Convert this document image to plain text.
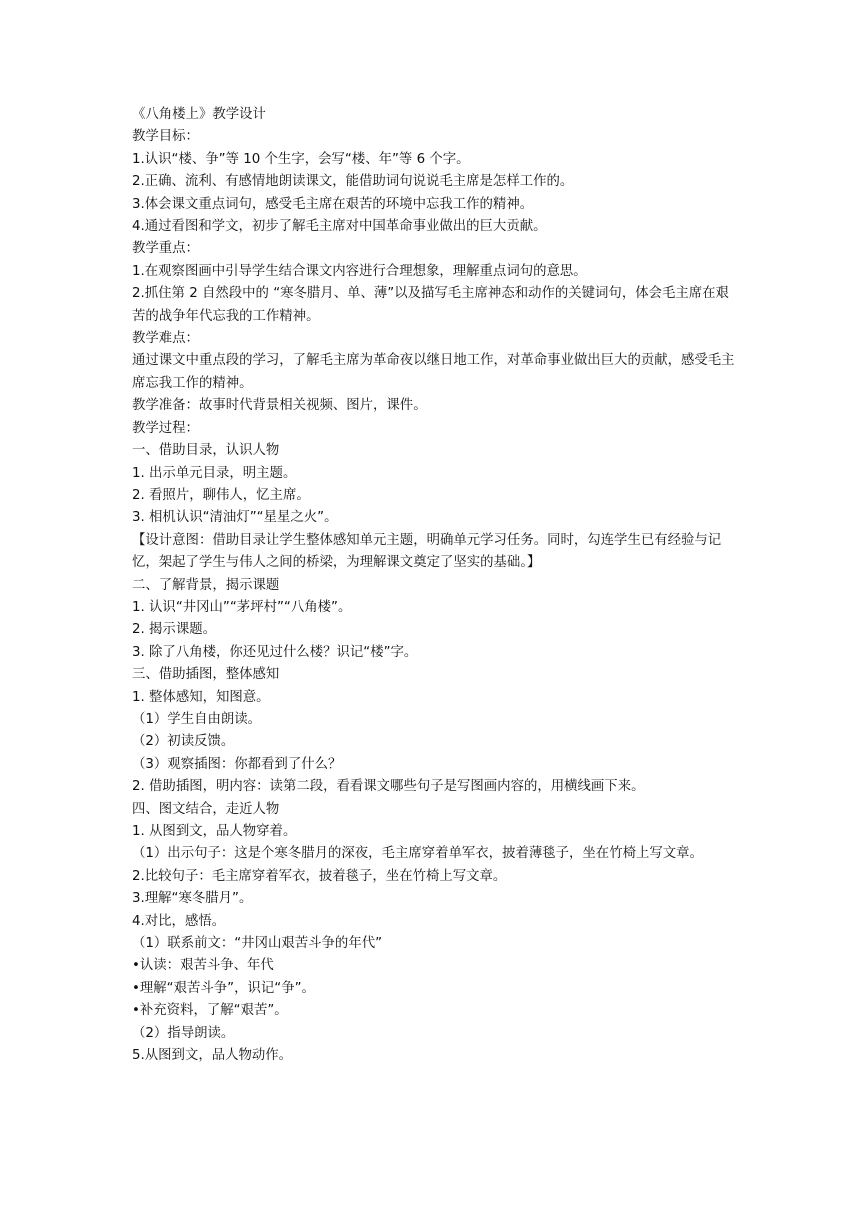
《八角楼上》教学设计

教学目标：

1.认识“楼、争”等 10 个生字，会写“楼、年”等 6 个字。

2.正确、流利、有感情地朗读课文，能借助词句说说毛主席是怎样工作的。

3.体会课文重点词句，感受毛主席在艰苦的环境中忘我工作的精神。

4.通过看图和学文，初步了解毛主席对中国革命事业做出的巨大贡献。

教学重点：

1.在观察图画中引导学生结合课文内容进行合理想象，理解重点词句的意思。

2.抓住第 2 自然段中的 “寒冬腊月、单、薄”以及描写毛主席神态和动作的关键词句，体会毛主席在艰苦的战争年代忘我的工作精神。

教学难点：

通过课文中重点段的学习，了解毛主席为革命夜以继日地工作，对革命事业做出巨大的贡献，感受毛主席忘我工作的精神。

教学准备：故事时代背景相关视频、图片，课件。

教学过程：

一、借助目录，认识人物

1. 出示单元目录，明主题。

2. 看照片，聊伟人，忆主席。

3. 相机认识“清油灯”“星星之火”。

【设计意图：借助目录让学生整体感知单元主题，明确单元学习任务。同时，勾连学生已有经验与记忆，架起了学生与伟人之间的桥梁，为理解课文奠定了坚实的基础。】

二、了解背景，揭示课题

1. 认识“井冈山”“茅坪村”“八角楼”。

2. 揭示课题。

3. 除了八角楼，你还见过什么楼？识记“楼”字。

三、借助插图，整体感知

1. 整体感知，知图意。

（1）学生自由朗读。

（2）初读反馈。

（3）观察插图：你都看到了什么？

2. 借助插图，明内容：读第二段，看看课文哪些句子是写图画内容的，用横线画下来。

四、图文结合，走近人物

1. 从图到文，品人物穿着。

（1）出示句子：这是个寒冬腊月的深夜，毛主席穿着单军衣，披着薄毯子，坐在竹椅上写文章。

2.比较句子：毛主席穿着军衣，披着毯子，坐在竹椅上写文章。

3.理解“寒冬腊月”。

4.对比，感悟。

（1）联系前文：“井冈山艰苦斗争的年代”

•认读：艰苦斗争、年代

•理解“艰苦斗争”，识记“争”。

•补充资料，了解“艰苦”。

（2）指导朗读。

5.从图到文，品人物动作。
